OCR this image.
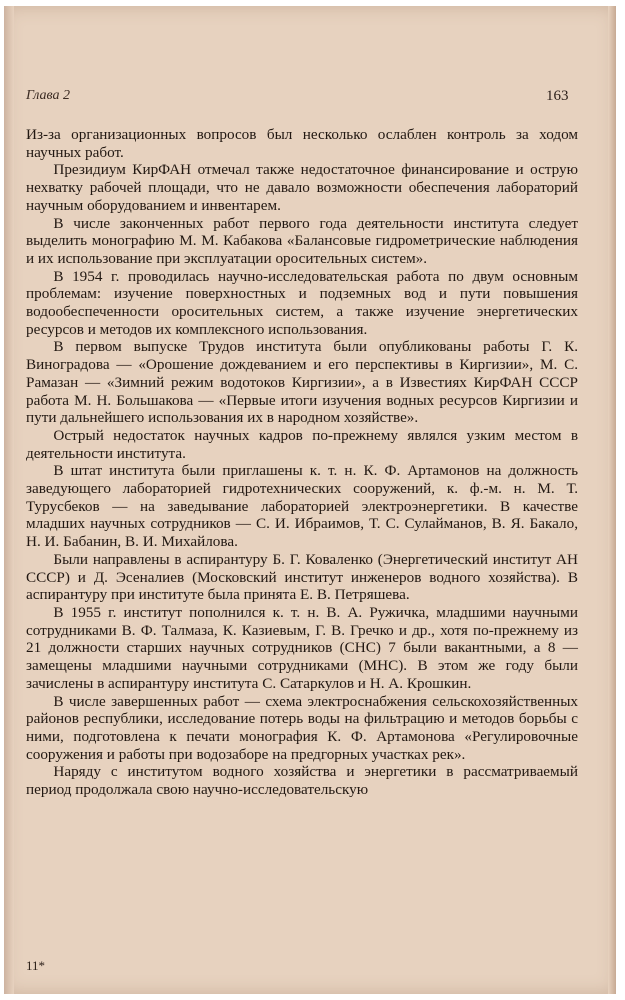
Глава 2	163

Из-за организационных вопросов был несколько ослаблен контроль за ходом научных работ.

Президиум КирФАН отмечал также недостаточное финансирование и острую нехватку рабочей площади, что не давало возможности обеспечения лабораторий научным оборудованием и инвентарем.

В числе законченных работ первого года деятельности института следует выделить монографию М. М. Кабакова «Балансовые гидрометрические наблюдения и их использование при эксплуатации оросительных систем».

В 1954 г. проводилась научно-исследовательская работа по двум основным проблемам: изучение поверхностных и подземных вод и пути повышения водообеспеченности оросительных систем, а также изучение энергетических ресурсов и методов их комплексного использования.

В первом выпуске Трудов института были опубликованы работы Г. К. Виноградова — «Орошение дождеванием и его перспективы в Киргизии», М. С. Рамазан — «Зимний режим водотоков Киргизии», а в Известиях КирФАН СССР работа М. Н. Большакова — «Первые итоги изучения водных ресурсов Киргизии и пути дальнейшего использования их в народном хозяйстве».

Острый недостаток научных кадров по-прежнему являлся узким местом в деятельности института.

В штат института были приглашены к. т. н. К. Ф. Артамонов на должность заведующего лабораторией гидротехнических сооружений, к. ф.-м. н. М. Т. Турусбеков — на заведывание лабораторией электроэнергетики. В качестве младших научных сотрудников — С. И. Ибраимов, Т. С. Сулайманов, В. Я. Бакало, Н. И. Бабанин, В. И. Михайлова.

Были направлены в аспирантуру Б. Г. Коваленко (Энергетический институт АН СССР) и Д. Эсеналиев (Московский институт инженеров водного хозяйства). В аспирантуру при институте была принята Е. В. Петряшева.

В 1955 г. институт пополнился к. т. н. В. А. Ружичка, младшими научными сотрудниками В. Ф. Талмаза, К. Казиевым, Г. В. Гречко и др., хотя по-прежнему из 21 должности старших научных сотрудников (СНС) 7 были вакантными, а 8 — замещены младшими научными сотрудниками (МНС). В этом же году были зачислены в аспирантуру института С. Сатаркулов и Н. А. Крошкин.

В числе завершенных работ — схема электроснабжения сельскохозяйственных районов республики, исследование потерь воды на фильтрацию и методов борьбы с ними, подготовлена к печати монография К. Ф. Артамонова «Регулировочные сооружения и работы при водозаборе на предгорных участках рек».

Наряду с институтом водного хозяйства и энергетики в рассматриваемый период продолжала свою научно-исследовательскую

11*
